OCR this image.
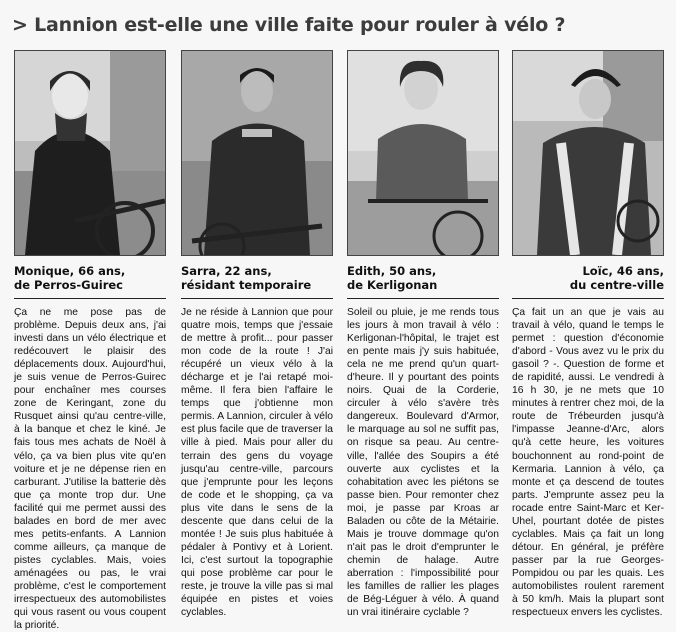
> Lannion est-elle une ville faite pour rouler à vélo ?
Monique, 66 ans,
de Perros-Guirec
Ça ne me pose pas de problème. Depuis deux ans, j'ai investi dans un vélo électrique et redécouvert le plaisir des déplacements doux. Aujourd'hui, je suis venue de Perros-Guirec pour enchaîner mes courses zone de Keringant, zone du Rusquet ainsi qu'au centre-ville, à la banque et chez le kiné. Je fais tous mes achats de Noël à vélo, ça va bien plus vite qu'en voiture et je ne dépense rien en carburant. J'utilise la batterie dès que ça monte trop dur. Une facilité qui me permet aussi des balades en bord de mer avec mes petits-enfants. A Lannion comme ailleurs, ça manque de pistes cyclables. Mais, voies aménagées ou pas, le vrai problème, c'est le comportement irrespectueux des automobilistes qui vous rasent ou vous coupent la priorité.
Sarra, 22 ans,
résidant temporaire
Je ne réside à Lannion que pour quatre mois, temps que j'essaie de mettre à profit... pour passer mon code de la route ! J'ai récupéré un vieux vélo à la décharge et je l'ai retapé moi-même. Il fera bien l'affaire le temps que j'obtienne mon permis. A Lannion, circuler à vélo est plus facile que de traverser la ville à pied. Mais pour aller du terrain des gens du voyage jusqu'au centre-ville, parcours que j'emprunte pour les leçons de code et le shopping, ça va plus vite dans le sens de la descente que dans celui de la montée ! Je suis plus habituée à pédaler à Pontivy et à Lorient. Ici, c'est surtout la topographie qui pose problème car pour le reste, je trouve la ville pas si mal équipée en pistes et voies cyclables.
Edith, 50 ans,
de Kerligonan
Soleil ou pluie, je me rends tous les jours à mon travail à vélo : Kerligonan-l'hôpital, le trajet est en pente mais j'y suis habituée, cela ne me prend qu'un quart-d'heure. Il y pourtant des points noirs. Quai de la Corderie, circuler à vélo s'avère très dangereux. Boulevard d'Armor, le marquage au sol ne suffit pas, on risque sa peau. Au centre-ville, l'allée des Soupirs a été ouverte aux cyclistes et la cohabitation avec les piétons se passe bien. Pour remonter chez moi, je passe par Kroas ar Baladen ou côte de la Métairie. Mais je trouve dommage qu'on n'ait pas le droit d'emprunter le chemin de halage. Autre aberration : l'impossibilité pour les familles de rallier les plages de Bég-Léguer à vélo. À quand un vrai itinéraire cyclable ?
Loïc, 46 ans,
du centre-ville
Ça fait un an que je vais au travail à vélo, quand le temps le permet : question d'économie d'abord - Vous avez vu le prix du gasoil ? -. Question de forme et de rapidité, aussi. Le vendredi à 16 h 30, je ne mets que 10 minutes à rentrer chez moi, de la route de Trébeurden jusqu'à l'impasse Jeanne-d'Arc, alors qu'à cette heure, les voitures bouchonnent au rond-point de Kermaria. Lannion à vélo, ça monte et ça descend de toutes parts. J'emprunte assez peu la rocade entre Saint-Marc et Ker-Uhel, pourtant dotée de pistes cyclables. Mais ça fait un long détour. En général, je préfère passer par la rue Georges-Pompidou ou par les quais. Les automobilistes roulent rarement à 50 km/h. Mais la plupart sont respectueux envers les cyclistes.
